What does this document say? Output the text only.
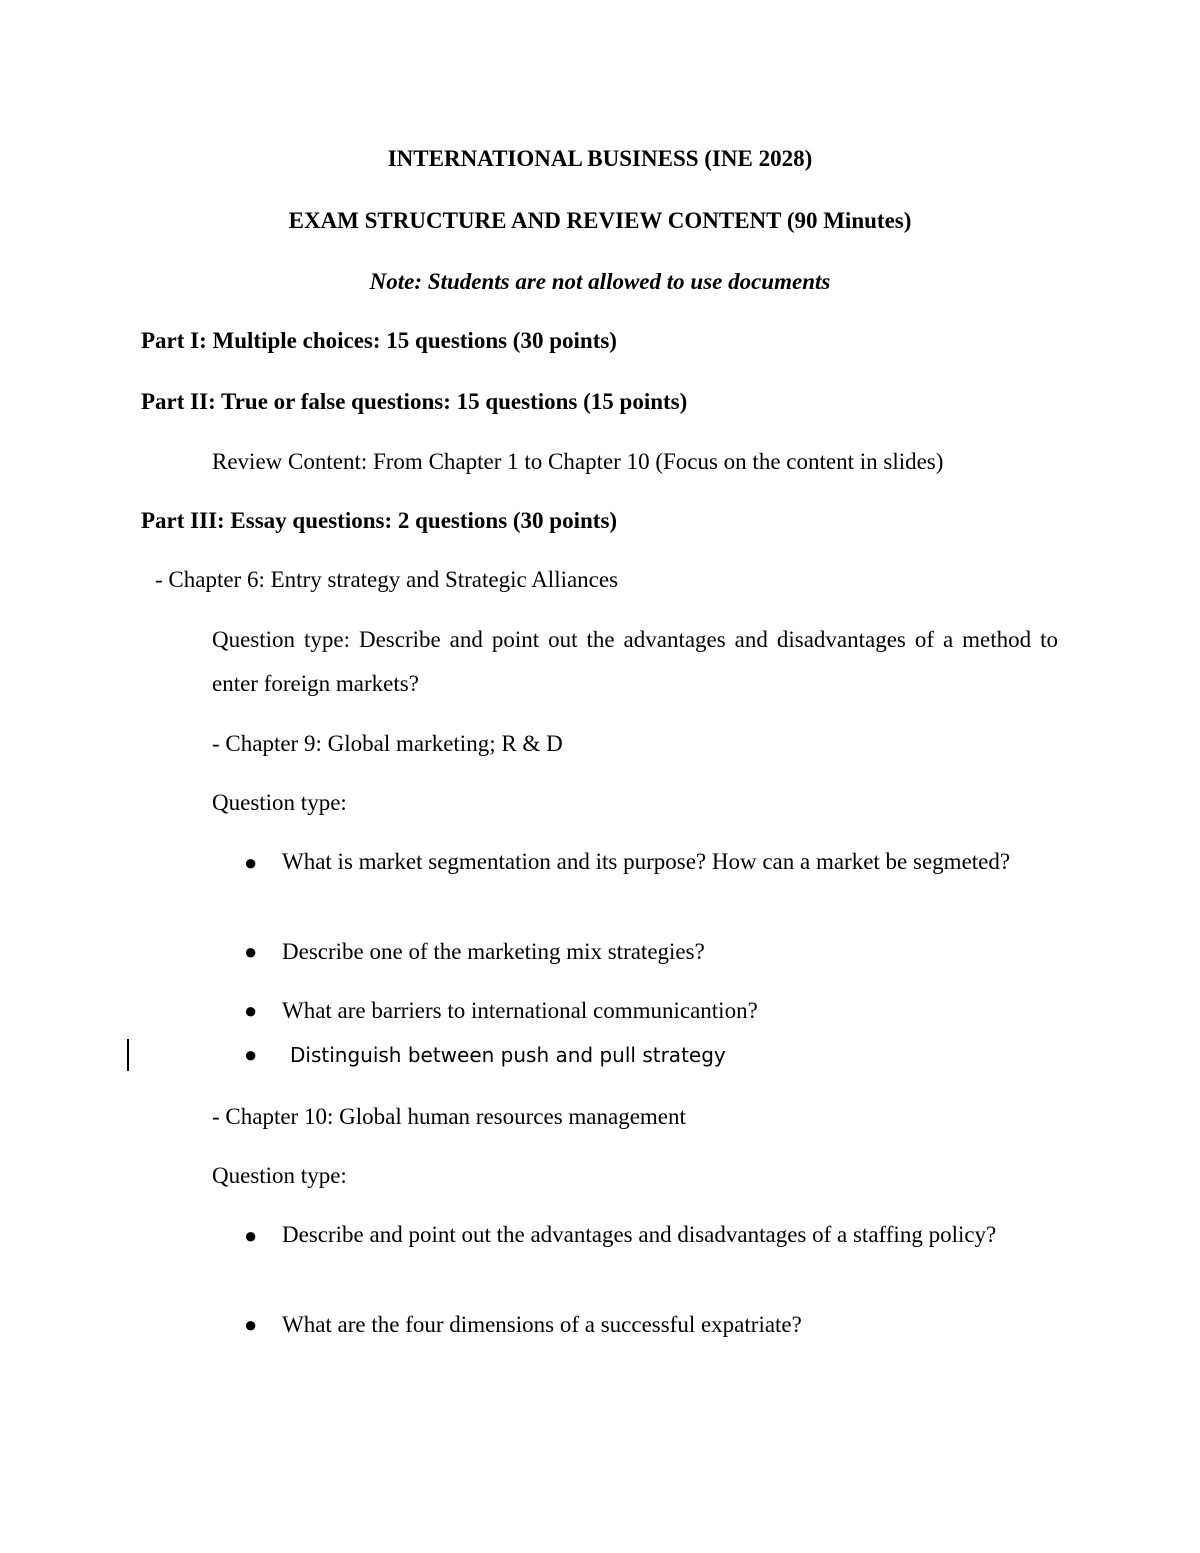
INTERNATIONAL BUSINESS (INE 2028)
EXAM STRUCTURE AND REVIEW CONTENT (90 Minutes)
Note: Students are not allowed to use documents
Part I: Multiple choices: 15 questions (30 points)
Part II: True or false questions: 15 questions (15 points)
Review Content: From Chapter 1 to Chapter 10 (Focus on the content in slides)
Part III: Essay questions: 2 questions (30 points)
- Chapter 6: Entry strategy and Strategic Alliances
Question type: Describe and point out the advantages and disadvantages of a method to enter foreign markets?
- Chapter 9: Global marketing; R & D
Question type:
● What is market segmentation and its purpose? How can a market be segmeted?
● Describe one of the marketing mix strategies?
● What are barriers to international communicantion?
● Distinguish between push and pull strategy
- Chapter 10: Global human resources management
Question type:
● Describe and point out the advantages and disadvantages of a staffing policy?
● What are the four dimensions of a successful expatriate?
